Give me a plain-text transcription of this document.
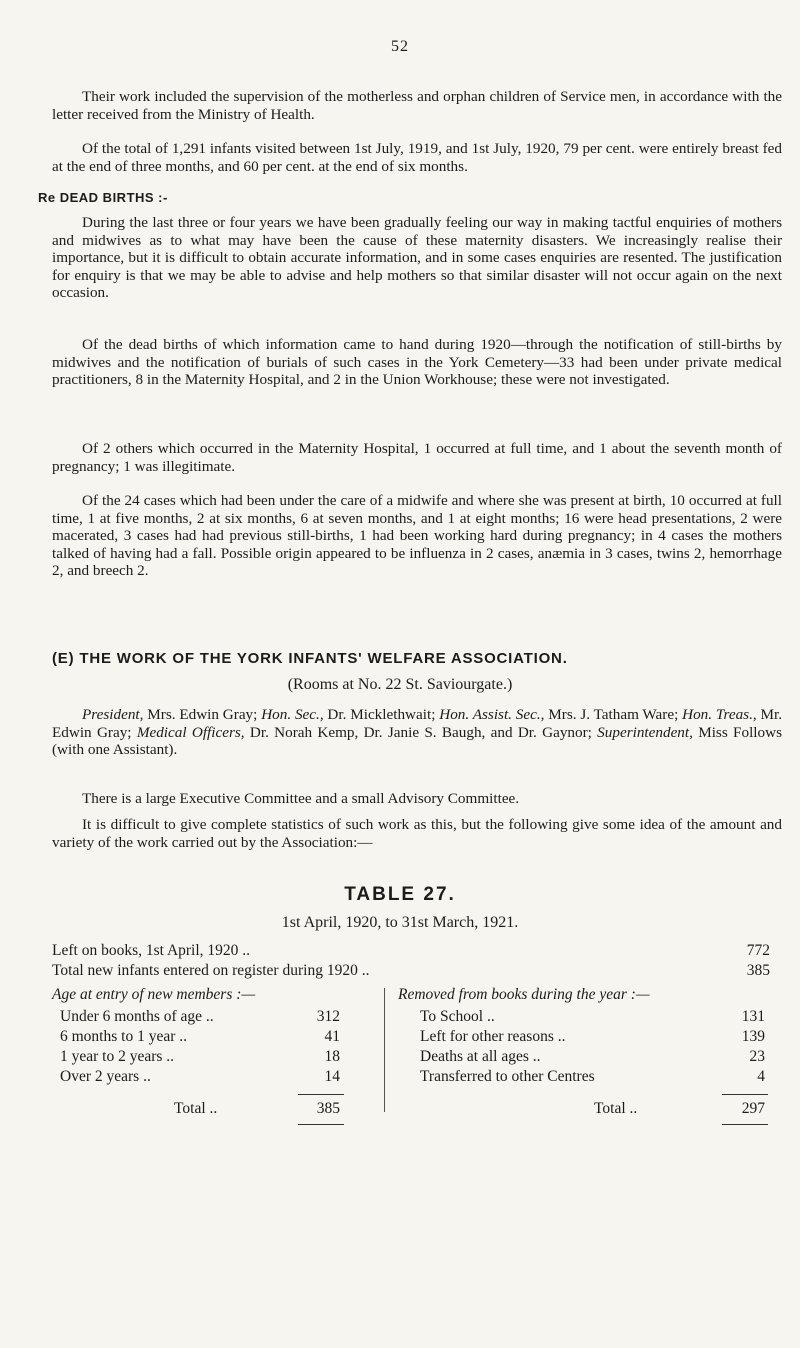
52

Their work included the supervision of the motherless and orphan children of Service men, in accordance with the letter received from the Ministry of Health.

Of the total of 1,291 infants visited between 1st July, 1919, and 1st July, 1920, 79 per cent. were entirely breast fed at the end of three months, and 60 per cent. at the end of six months.

Re DEAD BIRTHS :-

During the last three or four years we have been gradually feeling our way in making tactful enquiries of mothers and midwives as to what may have been the cause of these maternity disasters. We increasingly realise their importance, but it is difficult to obtain accurate information, and in some cases enquiries are resented. The justification for enquiry is that we may be able to advise and help mothers so that similar disaster will not occur again on the next occasion.

Of the dead births of which information came to hand during 1920—through the notification of still-births by midwives and the notification of burials of such cases in the York Cemetery—33 had been under private medical practitioners, 8 in the Maternity Hospital, and 2 in the Union Workhouse; these were not investigated.

Of 2 others which occurred in the Maternity Hospital, 1 occurred at full time, and 1 about the seventh month of pregnancy; 1 was illegitimate.

Of the 24 cases which had been under the care of a midwife and where she was present at birth, 10 occurred at full time, 1 at five months, 2 at six months, 6 at seven months, and 1 at eight months; 16 were head presentations, 2 were macerated, 3 cases had had previous still-births, 1 had been working hard during pregnancy; in 4 cases the mothers talked of having had a fall. Possible origin appeared to be influenza in 2 cases, anæmia in 3 cases, twins 2, hemorrhage 2, and breech 2.

(E) THE WORK OF THE YORK INFANTS' WELFARE ASSOCIATION.
(Rooms at No. 22 St. Saviourgate.)

President, Mrs. Edwin Gray; Hon. Sec., Dr. Micklethwait; Hon. Assist. Sec., Mrs. J. Tatham Ware; Hon. Treas., Mr. Edwin Gray; Medical Officers, Dr. Norah Kemp, Dr. Janie S. Baugh, and Dr. Gaynor; Superintendent, Miss Follows (with one Assistant).

There is a large Executive Committee and a small Advisory Committee.

It is difficult to give complete statistics of such work as this, but the following give some idea of the amount and variety of the work carried out by the Association:—

TABLE 27.
1st April, 1920, to 31st March, 1921.
Left on books, 1st April, 1920 ..	772
Total new infants entered on register during 1920 ..	385
Age at entry of new members :—	Removed from books during the year :—
Under 6 months of age ..	312
6 months to 1 year ..	41
1 year to 2 years ..	18
Over 2 years ..	14
To School ..	131
Left for other reasons ..	139
Deaths at all ages ..	23
Transferred to other Centres	4
Total ..	385	Total ..	297
